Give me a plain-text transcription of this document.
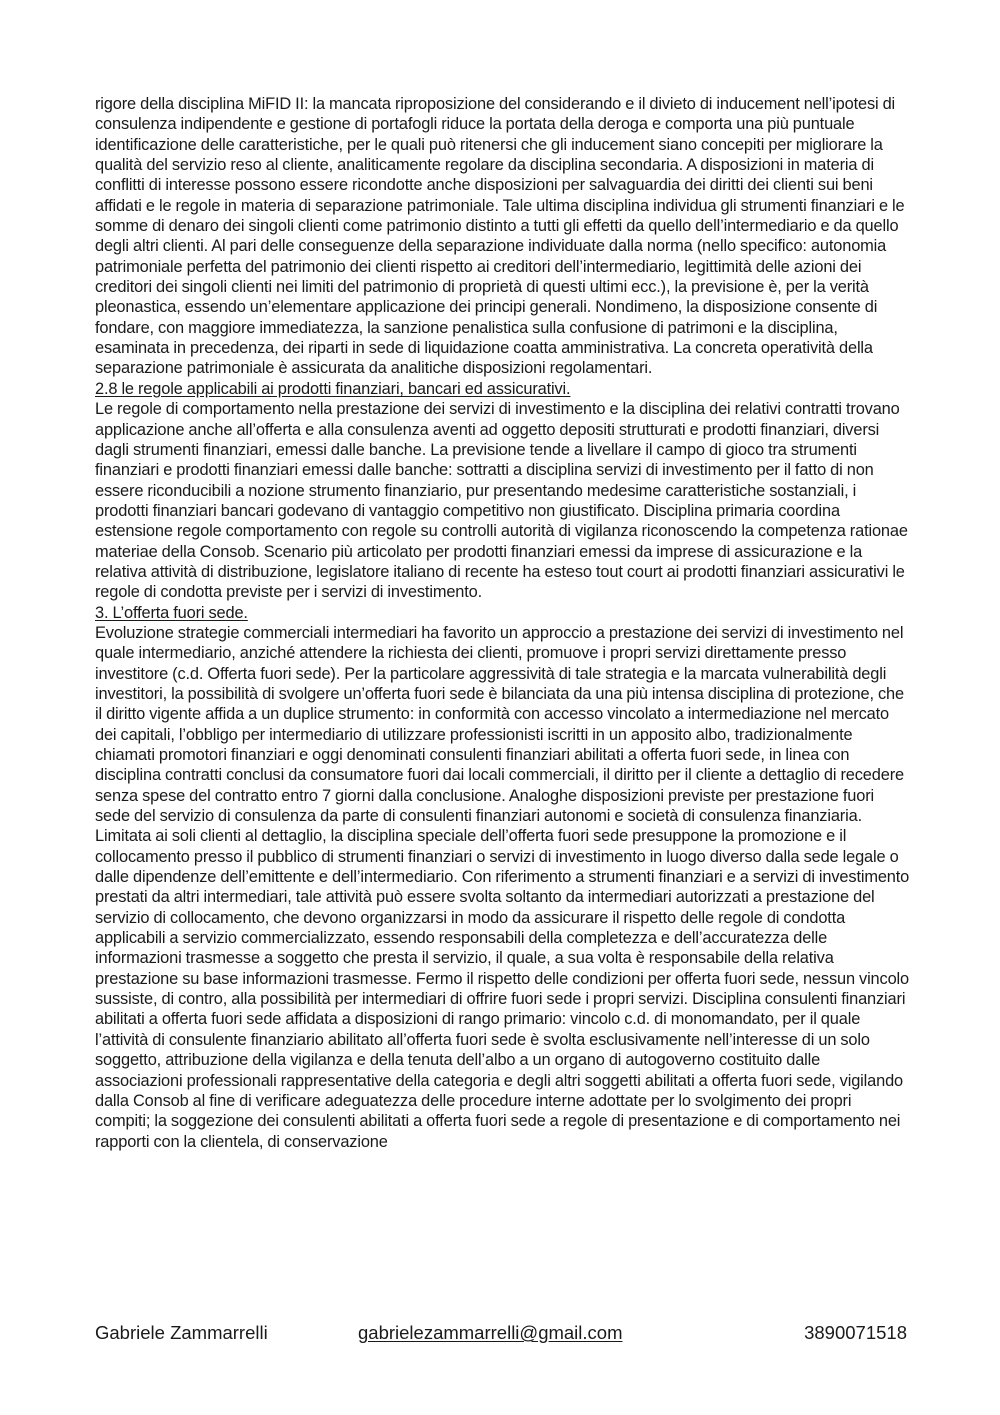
rigore della disciplina MiFID II: la mancata riproposizione del considerando e il divieto di inducement nell’ipotesi di consulenza indipendente e gestione di portafogli riduce la portata della deroga e comporta una più puntuale identificazione delle caratteristiche, per le quali può ritenersi che gli inducement siano concepiti per migliorare la qualità del servizio reso al cliente, analiticamente regolare da disciplina secondaria. A disposizioni in materia di conflitti di interesse possono essere ricondotte anche disposizioni per salvaguardia dei diritti dei clienti sui beni affidati e le regole in materia di separazione patrimoniale. Tale ultima disciplina individua gli strumenti finanziari e le somme di denaro dei singoli clienti come patrimonio distinto a tutti gli effetti da quello dell’intermediario e da quello degli altri clienti. Al pari delle conseguenze della separazione individuate dalla norma (nello specifico: autonomia patrimoniale perfetta del patrimonio dei clienti rispetto ai creditori dell’intermediario, legittimità delle azioni dei creditori dei singoli clienti nei limiti del patrimonio di proprietà di questi ultimi ecc.), la previsione è, per la verità pleonastica, essendo un’elementare applicazione dei principi generali. Nondimeno, la disposizione consente di fondare, con maggiore immediatezza, la sanzione penalistica sulla confusione di patrimoni e la disciplina, esaminata in precedenza, dei riparti in sede di liquidazione coatta amministrativa. La concreta operatività della separazione patrimoniale è assicurata da analitiche disposizioni regolamentari.

2.8 le regole applicabili ai prodotti finanziari, bancari ed assicurativi.

Le regole di comportamento nella prestazione dei servizi di investimento e la disciplina dei relativi contratti trovano applicazione anche all’offerta e alla consulenza aventi ad oggetto depositi strutturati e prodotti finanziari, diversi dagli strumenti finanziari, emessi dalle banche. La previsione tende a livellare il campo di gioco tra strumenti finanziari e prodotti finanziari emessi dalle banche: sottratti a disciplina servizi di investimento per il fatto di non essere riconducibili a nozione strumento finanziario, pur presentando medesime caratteristiche sostanziali, i prodotti finanziari bancari godevano di vantaggio competitivo non giustificato. Disciplina primaria coordina estensione regole comportamento con regole su controlli autorità di vigilanza riconoscendo la competenza rationae materiae della Consob. Scenario più articolato per prodotti finanziari emessi da imprese di assicurazione e la relativa attività di distribuzione, legislatore italiano di recente ha esteso tout court ai prodotti finanziari assicurativi le regole di condotta previste per i servizi di investimento.

3. L’offerta fuori sede.

Evoluzione strategie commerciali intermediari ha favorito un approccio a prestazione dei servizi di investimento nel quale intermediario, anziché attendere la richiesta dei clienti, promuove i propri servizi direttamente presso investitore (c.d. Offerta fuori sede). Per la particolare aggressività di tale strategia e la marcata vulnerabilità degli investitori, la possibilità di svolgere un’offerta fuori sede è bilanciata da una più intensa disciplina di protezione, che il diritto vigente affida a un duplice strumento: in conformità con accesso vincolato a intermediazione nel mercato dei capitali, l’obbligo per intermediario di utilizzare professionisti iscritti in un apposito albo, tradizionalmente chiamati promotori finanziari e oggi denominati consulenti finanziari abilitati a offerta fuori sede, in linea con disciplina contratti conclusi da consumatore fuori dai locali commerciali, il diritto per il cliente a dettaglio di recedere senza spese del contratto entro 7 giorni dalla conclusione. Analoghe disposizioni previste per prestazione fuori sede del servizio di consulenza da parte di consulenti finanziari autonomi e società di consulenza finanziaria. Limitata ai soli clienti al dettaglio, la disciplina speciale dell’offerta fuori sede presuppone la promozione e il collocamento presso il pubblico di strumenti finanziari o servizi di investimento in luogo diverso dalla sede legale o dalle dipendenze dell’emittente e dell’intermediario. Con riferimento a strumenti finanziari e a servizi di investimento prestati da altri intermediari, tale attività può essere svolta soltanto da intermediari autorizzati a prestazione del servizio di collocamento, che devono organizzarsi in modo da assicurare il rispetto delle regole di condotta applicabili a servizio commercializzato, essendo responsabili della completezza e dell’accuratezza delle informazioni trasmesse a soggetto che presta il servizio, il quale, a sua volta è responsabile della relativa prestazione su base informazioni trasmesse. Fermo il rispetto delle condizioni per offerta fuori sede, nessun vincolo sussiste, di contro, alla possibilità per intermediari di offrire fuori sede i propri servizi. Disciplina consulenti finanziari abilitati a offerta fuori sede affidata a disposizioni di rango primario: vincolo c.d. di monomandato, per il quale l’attività di consulente finanziario abilitato all’offerta fuori sede è svolta esclusivamente nell’interesse di un solo soggetto, attribuzione della vigilanza e della tenuta dell’albo a un organo di autogoverno costituito dalle associazioni professionali rappresentative della categoria e degli altri soggetti abilitati a offerta fuori sede, vigilando dalla Consob al fine di verificare adeguatezza delle procedure interne adottate per lo svolgimento dei propri compiti; la soggezione dei consulenti abilitati a offerta fuori sede a regole di presentazione e di comportamento nei rapporti con la clientela, di conservazione

Gabriele Zammarrelli	gabrielezammarrelli@gmail.com	3890071518
